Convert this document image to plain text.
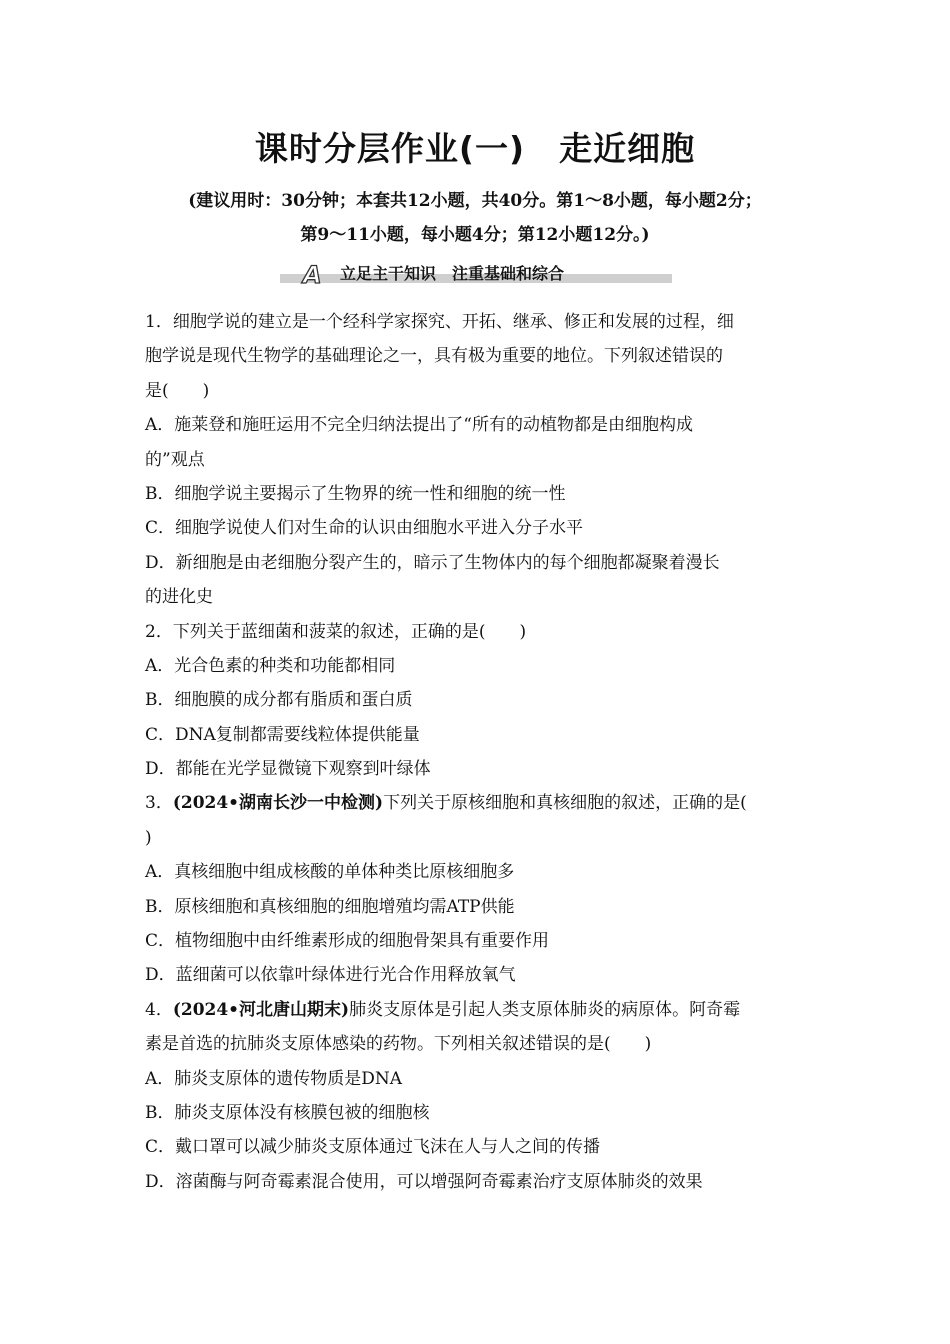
课时分层作业(一)　走近细胞
(建议用时：30分钟；本套共12小题，共40分。第1～8小题，每小题2分；
第9～11小题，每小题4分；第12小题12分。)
A	立足主干知识　注重基础和综合
1．细胞学说的建立是一个经科学家探究、开拓、继承、修正和发展的过程，细
胞学说是现代生物学的基础理论之一，具有极为重要的地位。下列叙述错误的
是(　　)
A．施莱登和施旺运用不完全归纳法提出了“所有的动植物都是由细胞构成
的”观点
B．细胞学说主要揭示了生物界的统一性和细胞的统一性
C．细胞学说使人们对生命的认识由细胞水平进入分子水平
D．新细胞是由老细胞分裂产生的，暗示了生物体内的每个细胞都凝聚着漫长
的进化史
2．下列关于蓝细菌和菠菜的叙述，正确的是(　　)
A．光合色素的种类和功能都相同
B．细胞膜的成分都有脂质和蛋白质
C．DNA复制都需要线粒体提供能量
D．都能在光学显微镜下观察到叶绿体
3．(2024•湖南长沙一中检测)下列关于原核细胞和真核细胞的叙述，正确的是(
)
A．真核细胞中组成核酸的单体种类比原核细胞多
B．原核细胞和真核细胞的细胞增殖均需ATP供能
C．植物细胞中由纤维素形成的细胞骨架具有重要作用
D．蓝细菌可以依靠叶绿体进行光合作用释放氧气
4．(2024•河北唐山期末)肺炎支原体是引起人类支原体肺炎的病原体。阿奇霉
素是首选的抗肺炎支原体感染的药物。下列相关叙述错误的是(　　)
A．肺炎支原体的遗传物质是DNA
B．肺炎支原体没有核膜包被的细胞核
C．戴口罩可以减少肺炎支原体通过飞沫在人与人之间的传播
D．溶菌酶与阿奇霉素混合使用，可以增强阿奇霉素治疗支原体肺炎的效果
